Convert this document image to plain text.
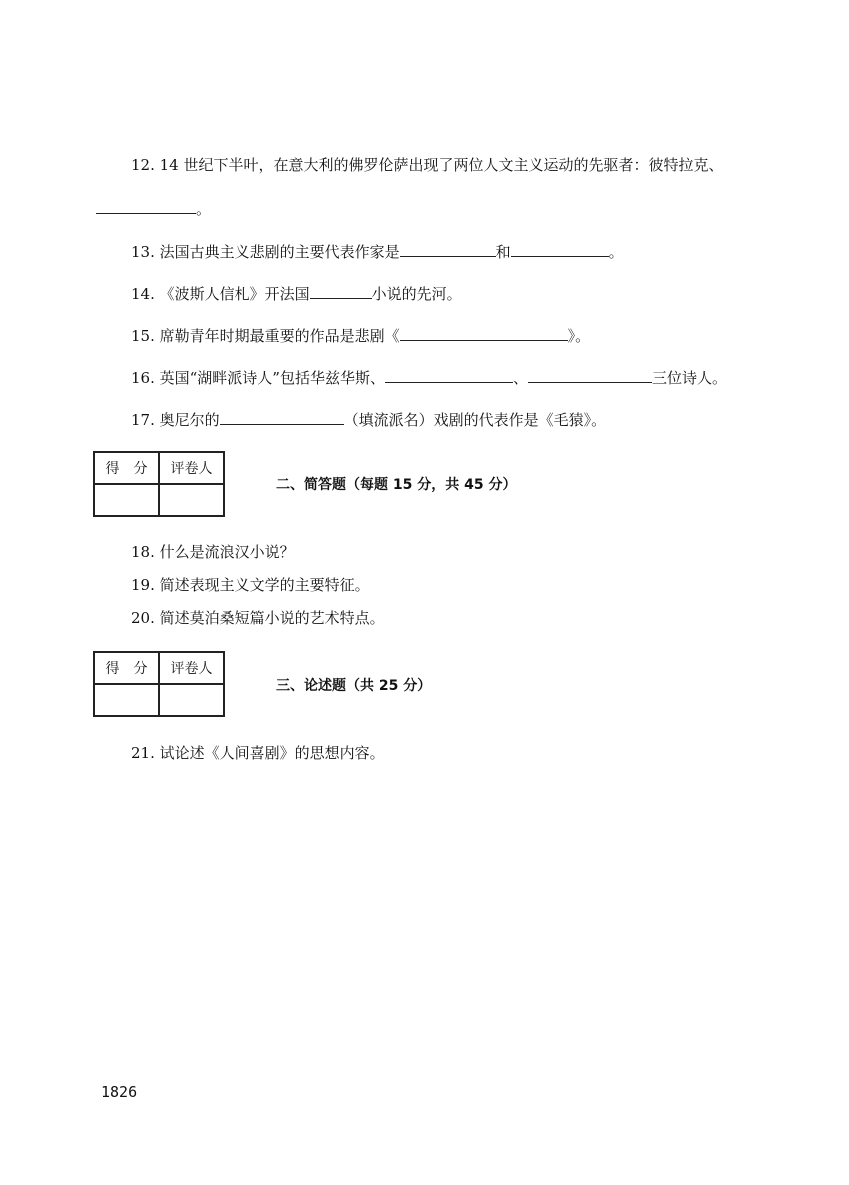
12. 14 世纪下半叶，在意大利的佛罗伦萨出现了两位人文主义运动的先驱者：彼特拉克、
。
13. 法国古典主义悲剧的主要代表作家是	和	。
14. 《波斯人信札》开法国	小说的先河。
15. 席勒青年时期最重要的作品是悲剧《	》。
16. 英国“湖畔派诗人”包括华兹华斯、	、	三位诗人。
17. 奥尼尔的	（填流派名）戏剧的代表作是《毛猿》。
得　分	评卷人

二、简答题（每题 15 分，共 45 分）
18. 什么是流浪汉小说？
19. 简述表现主义文学的主要特征。
20. 简述莫泊桑短篇小说的艺术特点。
得　分	评卷人

三、论述题（共 25 分）
21. 试论述《人间喜剧》的思想内容。
1826
